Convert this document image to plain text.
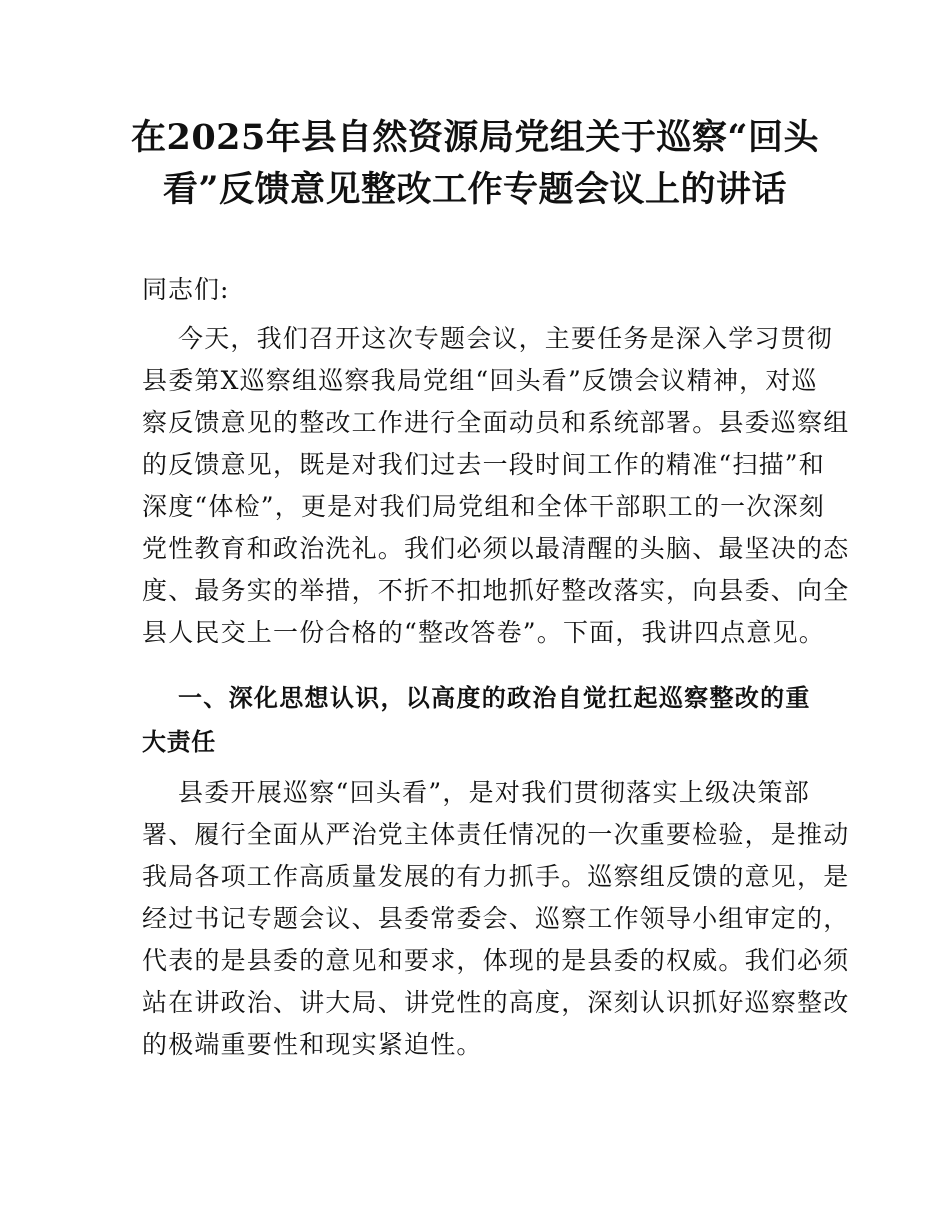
在2025年县自然资源局党组关于巡察“回头
看”反馈意见整改工作专题会议上的讲话

同志们:

今天，我们召开这次专题会议，主要任务是深入学习贯彻
县委第X巡察组巡察我局党组“回头看”反馈会议精神，对巡
察反馈意见的整改工作进行全面动员和系统部署。县委巡察组
的反馈意见，既是对我们过去一段时间工作的精准“扫描”和
深度“体检”，更是对我们局党组和全体干部职工的一次深刻
党性教育和政治洗礼。我们必须以最清醒的头脑、最坚决的态
度、最务实的举措，不折不扣地抓好整改落实，向县委、向全
县人民交上一份合格的“整改答卷”。下面，我讲四点意见。
一、深化思想认识，以高度的政治自觉扛起巡察整改的重
大责任
县委开展巡察“回头看”，是对我们贯彻落实上级决策部
署、履行全面从严治党主体责任情况的一次重要检验，是推动
我局各项工作高质量发展的有力抓手。巡察组反馈的意见，是
经过书记专题会议、县委常委会、巡察工作领导小组审定的，
代表的是县委的意见和要求，体现的是县委的权威。我们必须
站在讲政治、讲大局、讲党性的高度，深刻认识抓好巡察整改
的极端重要性和现实紧迫性。
